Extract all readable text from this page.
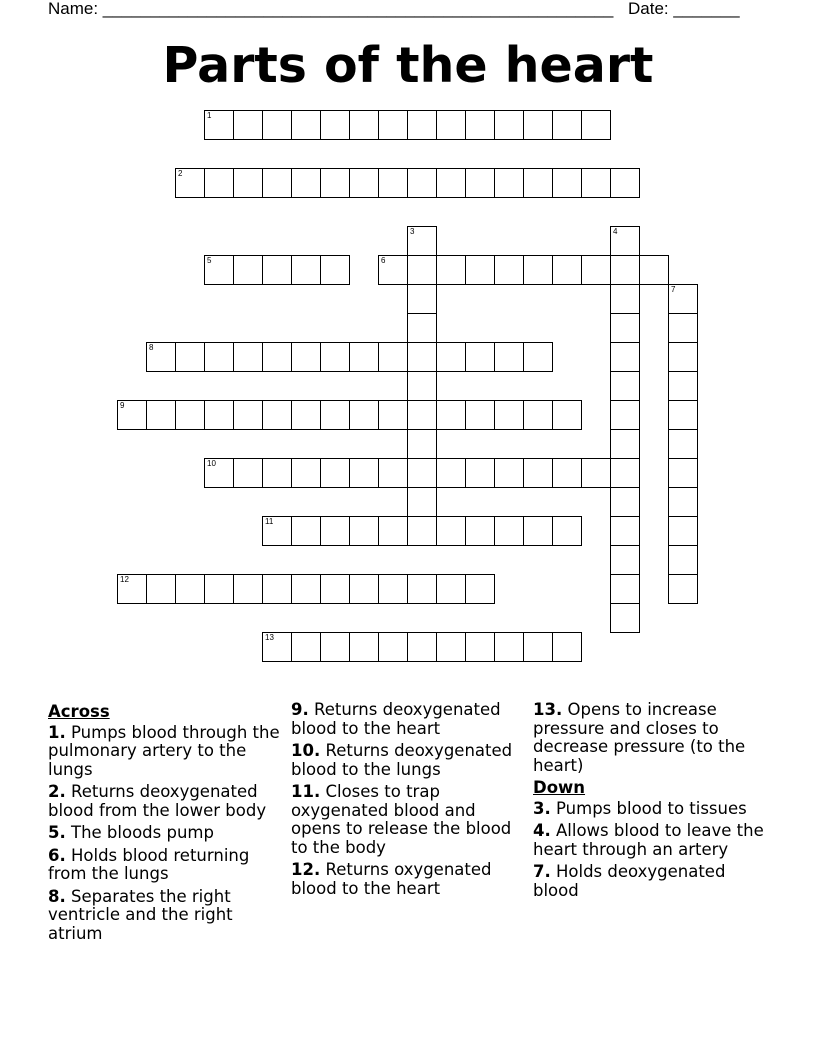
Name: ______________________________________________________ Date: _______
Parts of the heart
1
2
3	4
5	6
7
8
9
10
11
12
13
Across
1. Pumps blood through the pulmonary artery to the lungs
2. Returns deoxygenated blood from the lower body
5. The bloods pump
6. Holds blood returning from the lungs
8. Separates the right ventricle and the right atrium
9. Returns deoxygenated blood to the heart
10. Returns deoxygenated blood to the lungs
11. Closes to trap oxygenated blood and opens to release the blood to the body
12. Returns oxygenated blood to the heart
13. Opens to increase pressure and closes to decrease pressure (to the heart)
Down
3. Pumps blood to tissues
4. Allows blood to leave the heart through an artery
7. Holds deoxygenated blood
